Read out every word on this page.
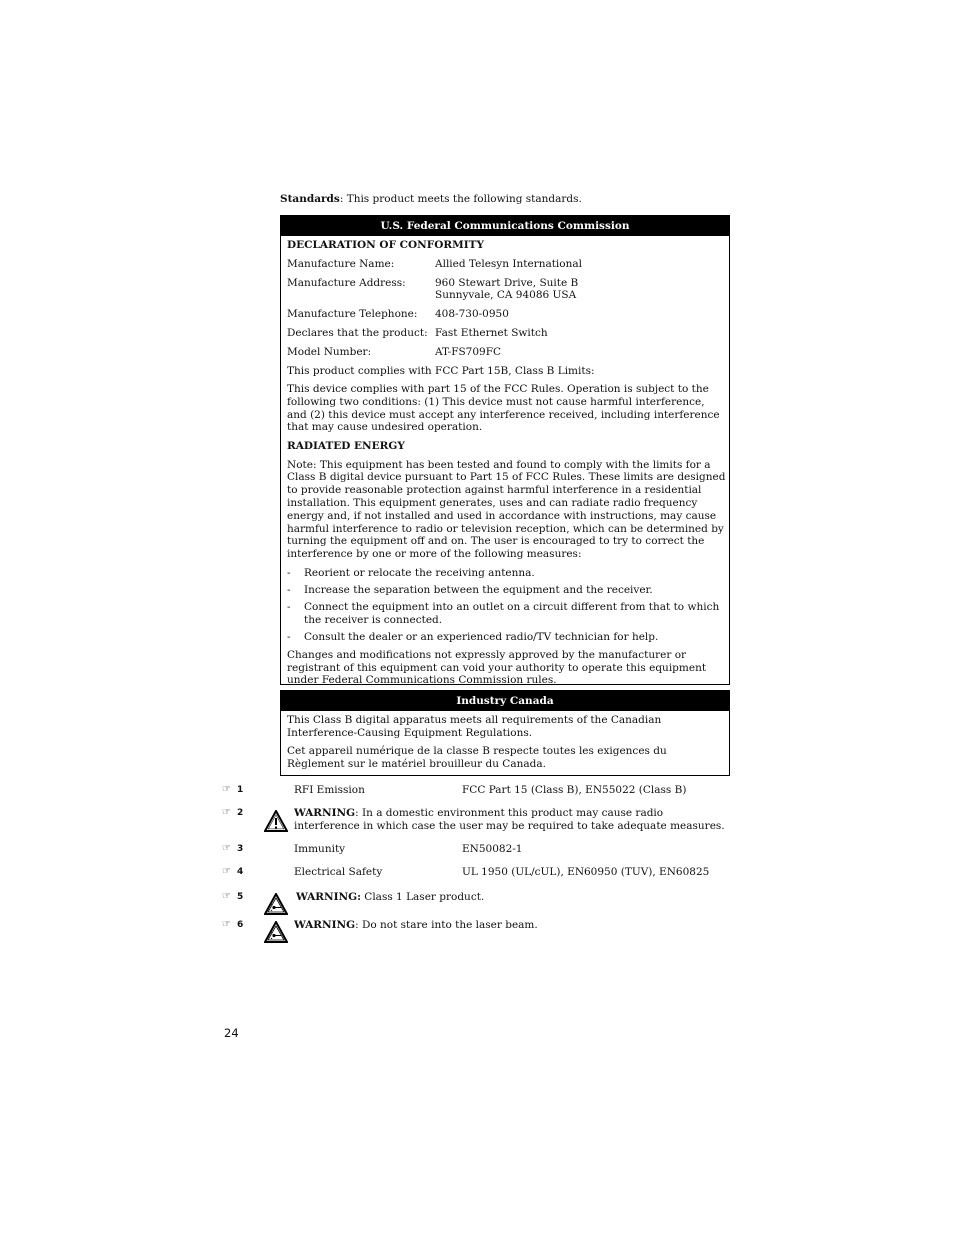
Standards: This product meets the following standards.
U.S. Federal Communications Commission
DECLARATION OF CONFORMITY
Manufacture Name:	Allied Telesyn International
Manufacture Address:	960 Stewart Drive, Suite B
Sunnyvale, CA 94086 USA
Manufacture Telephone:	408-730-0950
Declares that the product: Fast Ethernet Switch
Model Number:	AT-FS709FC

This product complies with FCC Part 15B, Class B Limits:

This device complies with part 15 of the FCC Rules. Operation is subject to the following two conditions: (1) This device must not cause harmful interference, and (2) this device must accept any interference received, including interference that may cause undesired operation.

RADIATED ENERGY

Note: This equipment has been tested and found to comply with the limits for a Class B digital device pursuant to Part 15 of FCC Rules. These limits are designed to provide reasonable protection against harmful interference in a residential installation. This equipment generates, uses and can radiate radio frequency energy and, if not installed and used in accordance with instructions, may cause harmful interference to radio or television reception, which can be determined by turning the equipment off and on. The user is encouraged to try to correct the interference by one or more of the following measures:

-	Reorient or relocate the receiving antenna.
-	Increase the separation between the equipment and the receiver.
-	Connect the equipment into an outlet on a circuit different from that to which the receiver is connected.
-	Consult the dealer or an experienced radio/TV technician for help.

Changes and modifications not expressly approved by the manufacturer or registrant of this equipment can void your authority to operate this equipment under Federal Communications Commission rules.

Industry Canada

This Class B digital apparatus meets all requirements of the Canadian Interference-Causing Equipment Regulations.

Cet appareil numérique de la classe B respecte toutes les exigences du Règlement sur le matériel brouilleur du Canada.

☞ 1	RFI Emission	FCC Part 15 (Class B), EN55022 (Class B)
☞ 2	WARNING: In a domestic environment this product may cause radio interference in which case the user may be required to take adequate measures.
☞ 3	Immunity	EN50082-1
☞ 4	Electrical Safety	UL 1950 (UL/cUL), EN60950 (TUV), EN60825
☞ 5	WARNING: Class 1 Laser product.
☞ 6	WARNING: Do not stare into the laser beam.
24
